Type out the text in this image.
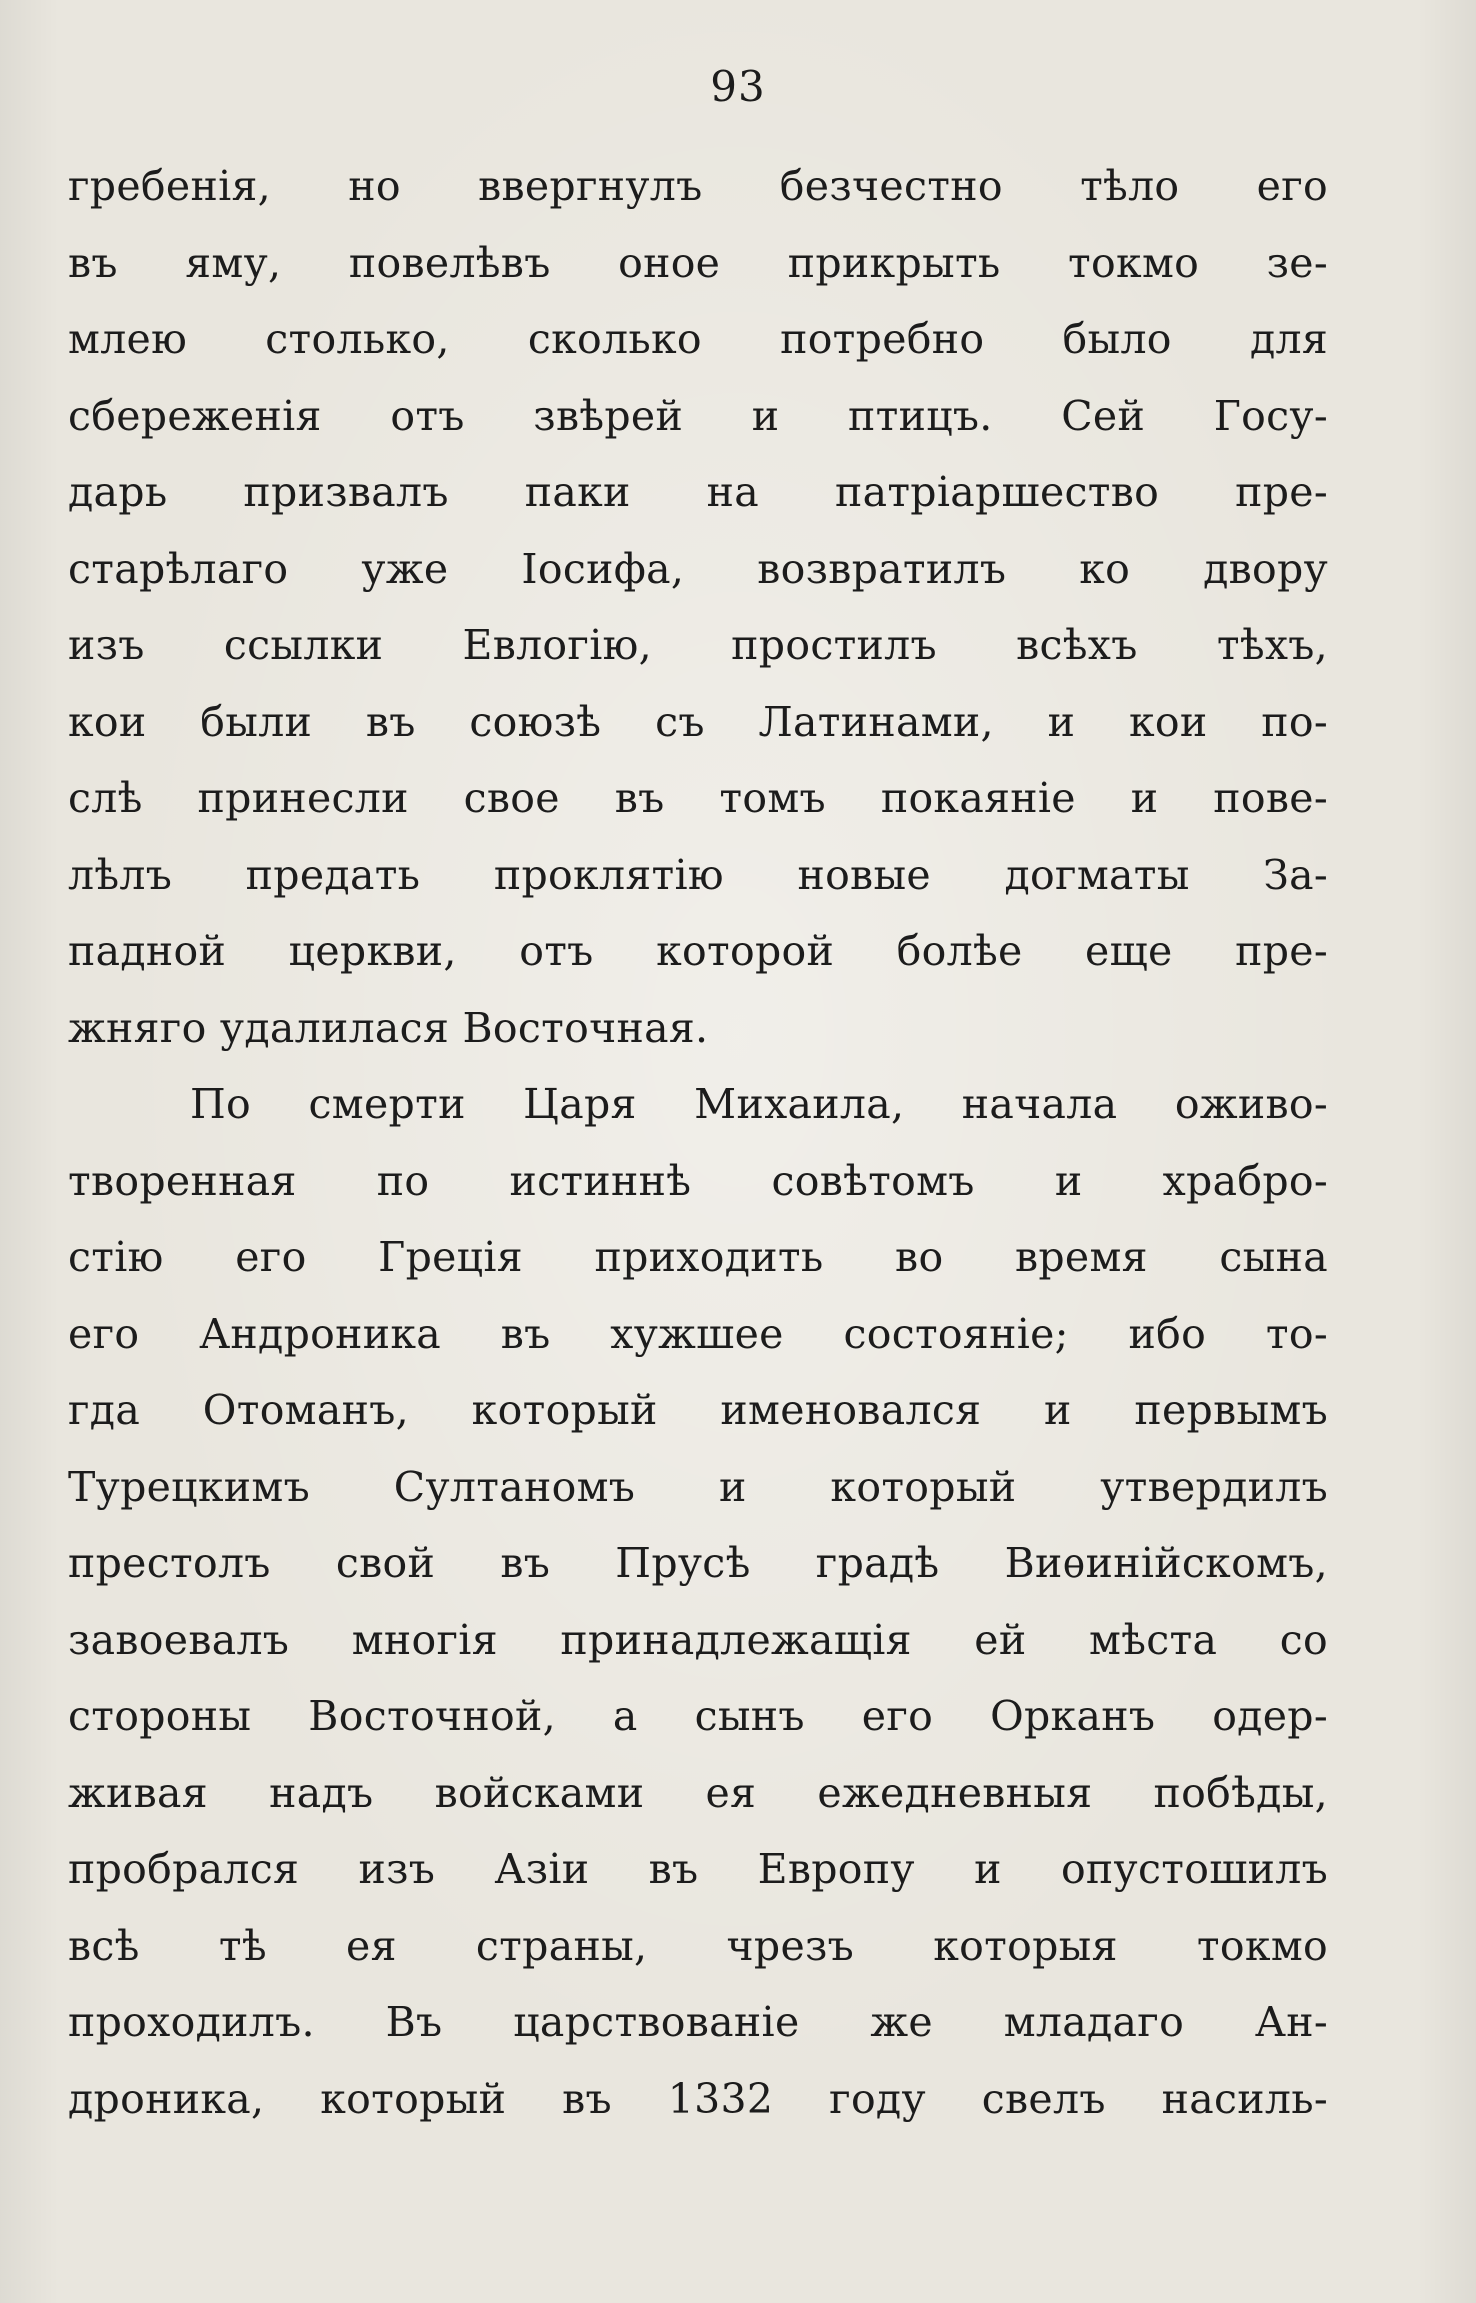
93
гребенія, но ввергнулъ безчестно тѣло его
въ яму, повелѣвъ оное прикрыть токмо зе-
млею столько, сколько потребно было для
сбереженія отъ звѣрей и птицъ. Сей Госу-
дарь призвалъ паки на патріаршество пре-
старѣлаго уже Іосифа, возвратилъ ко двору
изъ ссылки Евлогію, простилъ всѣхъ тѣхъ,
кои были въ союзѣ съ Латинами, и кои по-
слѣ принесли свое въ томъ покаяніе и пове-
лѣлъ предать проклятію новые догматы За-
падной церкви, отъ которой болѣе еще пре-
жняго удалилася Восточная.
По смерти Царя Михаила, начала оживо-
творенная по истиннѣ совѣтомъ и храбро-
стію его Греція приходить во время сына
его Андроника въ хужшее состояніе; ибо то-
гда Отоманъ, который именовался и первымъ
Турецкимъ Султаномъ и который утвердилъ
престолъ свой въ Прусѣ градѣ Виѳинійскомъ,
завоевалъ многія принадлежащія ей мѣста со
стороны Восточной, а сынъ его Орканъ одер-
живая надъ войсками ея ежедневныя побѣды,
пробрался изъ Азіи въ Европу и опустошилъ
всѣ тѣ ея страны, чрезъ которыя токмо
проходилъ. Въ царствованіе же младаго Ан-
дроника, который въ 1332 году свелъ насиль-
